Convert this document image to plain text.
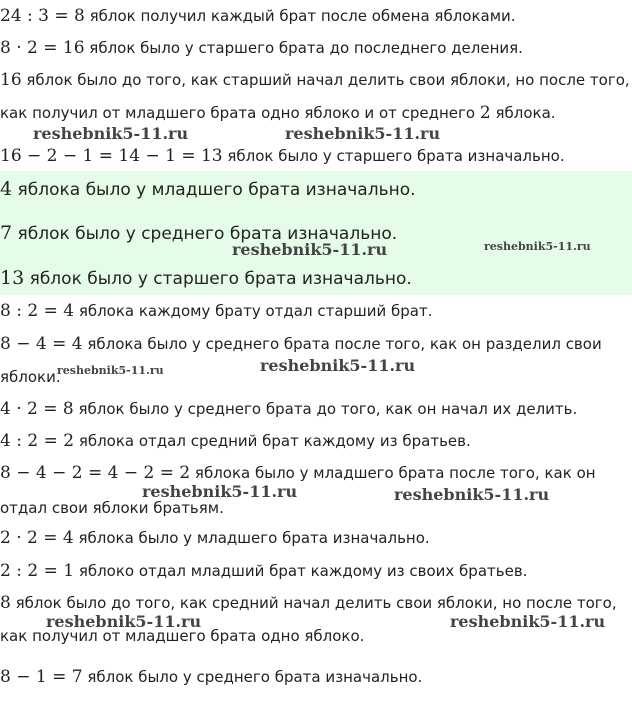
24 : 3 = 8 яблок получил каждый брат после обмена яблоками.
8 · 2 = 16 яблок было у старшего брата до последнего деления.
16 яблок было до того, как старший начал делить свои яблоки, но после того,
как получил от младшего брата одно яблоко и от среднего 2 яблока.
16 − 2 − 1 = 14 − 1 = 13 яблок было у старшего брата изначально.
4 яблока было у младшего брата изначально.
7 яблок было у среднего брата изначально.
13 яблок было у старшего брата изначально.
8 : 2 = 4 яблока каждому брату отдал старший брат.
8 − 4 = 4 яблока было у среднего брата после того, как он разделил свои
яблоки.
4 · 2 = 8 яблок было у среднего брата до того, как он начал их делить.
4 : 2 = 2 яблока отдал средний брат каждому из братьев.
8 − 4 − 2 = 4 − 2 = 2 яблока было у младшего брата после того, как он
отдал свои яблоки братьям.
2 · 2 = 4 яблока было у младшего брата изначально.
2 : 2 = 1 яблоко отдал младший брат каждому из своих братьев.
8 яблок было до того, как средний начал делить свои яблоки, но после того,
как получил от младшего брата одно яблоко.
8 − 1 = 7 яблок было у среднего брата изначально.
reshebnik5-11.ru	reshebnik5-11.ru
reshebnik5-11.ru	reshebnik5-11.ru
reshebnik5-11.ru	reshebnik5-11.ru
reshebnik5-11.ru	reshebnik5-11.ru
reshebnik5-11.ru	reshebnik5-11.ru
